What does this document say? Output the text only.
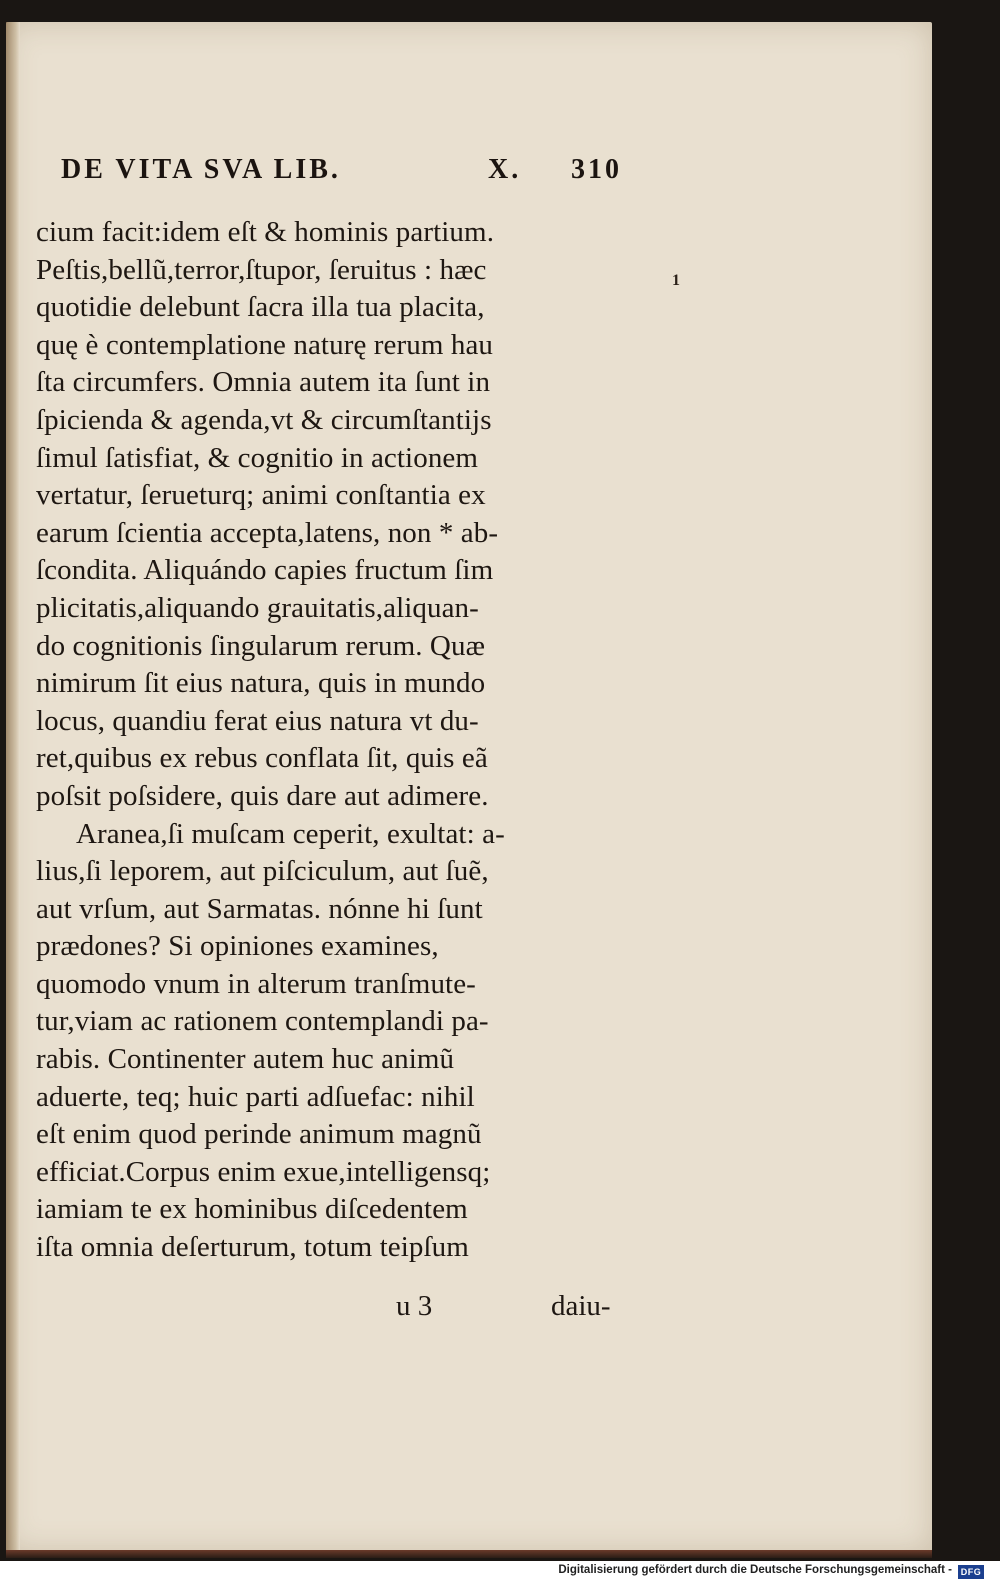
DE VITA SVA LIB.	X. 310
1
cium facit:idem eſt & hominis partium.
Peſtis,bellũ,terror,ſtupor, ſeruitus : hæc
quotidie delebunt ſacra illa tua placita,
quę è contemplatione naturę rerum hau
ſta circumfers. Omnia autem ita ſunt in
ſpicienda & agenda,vt & circumſtantijs
ſimul ſatisfiat, & cognitio in actionem
vertatur, ſerueturq; animi conſtantia ex
earum ſcientia accepta,latens, non * ab-
ſcondita. Aliquándo capies fructum ſim
plicitatis,aliquando grauitatis,aliquan-
do cognitionis ſingularum rerum. Quæ
nimirum ſit eius natura, quis in mundo
locus, quandiu ferat eius natura vt du-
ret,quibus ex rebus conflata ſit, quis eã
poſsit poſsidere, quis dare aut adimere.
Aranea,ſi muſcam ceperit, exultat: a-
lius,ſi leporem, aut piſciculum, aut ſuẽ,
aut vrſum, aut Sarmatas. nónne hi ſunt
prædones? Si opiniones examines,
quomodo vnum in alterum tranſmute-
tur,viam ac rationem contemplandi pa-
rabis. Continenter autem huc animũ
aduerte, teq; huic parti adſuefac: nihil
eſt enim quod perinde animum magnũ
efficiat.Corpus enim exue,intelligensq;
iamiam te ex hominibus diſcedentem
iſta omnia deſerturum, totum teipſum
u 3	daiu-
Digitalisierung gefördert durch die Deutsche Forschungsgemeinschaft - DFG
